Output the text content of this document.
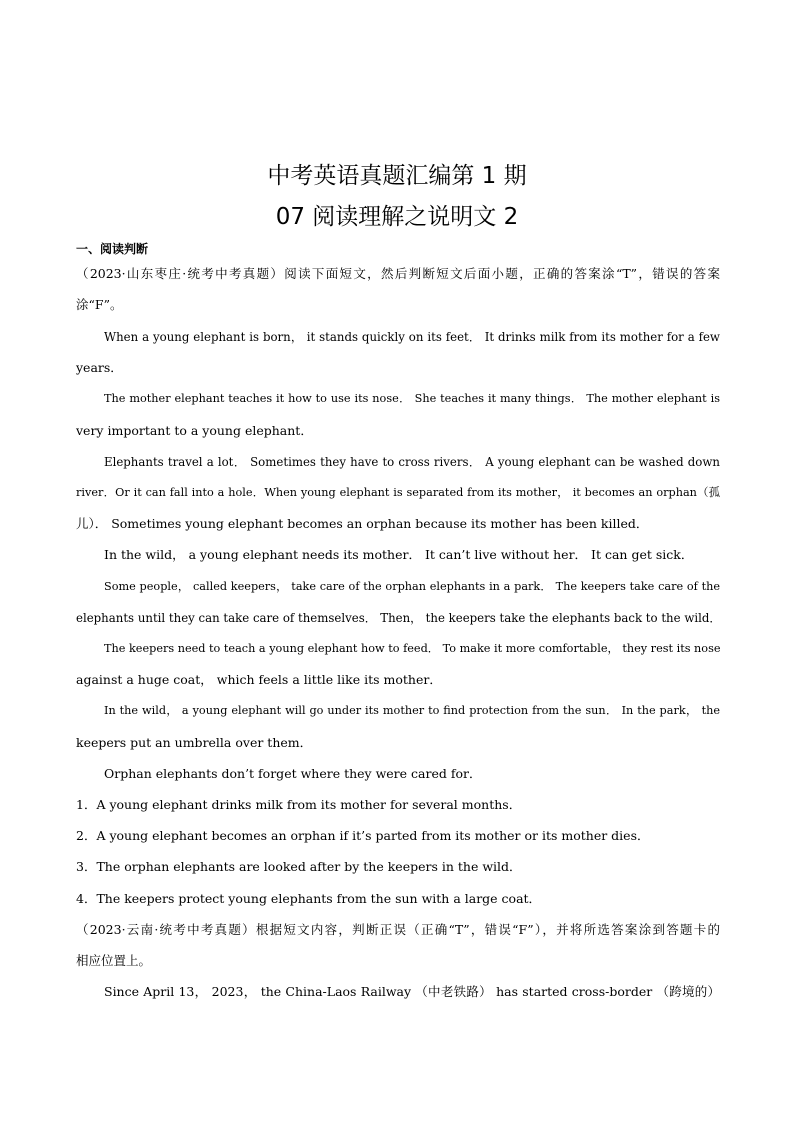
中考英语真题汇编第 1 期
07 阅读理解之说明文 2
一、阅读判断
（2023·山东枣庄·统考中考真题）阅读下面短文，然后判断短文后面小题，正确的答案涂“T”，错误的答案
涂“F”。
When a young elephant is born， it stands quickly on its feet． It drinks milk from its mother for a few
years．
The mother elephant teaches it how to use its nose． She teaches it many things． The mother elephant is
very important to a young elephant．
Elephants travel a lot． Sometimes they have to cross rivers． A young elephant can be washed down
river．Or it can fall into a hole．When young elephant is separated from its mother， it becomes an orphan（孤
儿）． Sometimes young elephant becomes an orphan because its mother has been killed．
In the wild， a young elephant needs its mother． It can’t live without her． It can get sick．
Some people， called keepers， take care of the orphan elephants in a park． The keepers take care of the
elephants until they can take care of themselves． Then， the keepers take the elephants back to the wild．
The keepers need to teach a young elephant how to feed． To make it more comfortable， they rest its nose
against a huge coat， which feels a little like its mother．
In the wild， a young elephant will go under its mother to find protection from the sun． In the park， the
keepers put an umbrella over them．
Orphan elephants don’t forget where they were cared for．
1．A young elephant drinks milk from its mother for several months．
2．A young elephant becomes an orphan if it’s parted from its mother or its mother dies．
3．The orphan elephants are looked after by the keepers in the wild．
4．The keepers protect young elephants from the sun with a large coat．
（2023·云南·统考中考真题）根据短文内容，判断正误（正确“T”，错误“F”），并将所选答案涂到答题卡的
相应位置上。
Since April 13， 2023， the China-Laos Railway （中老铁路） has started cross-border （跨境的）
